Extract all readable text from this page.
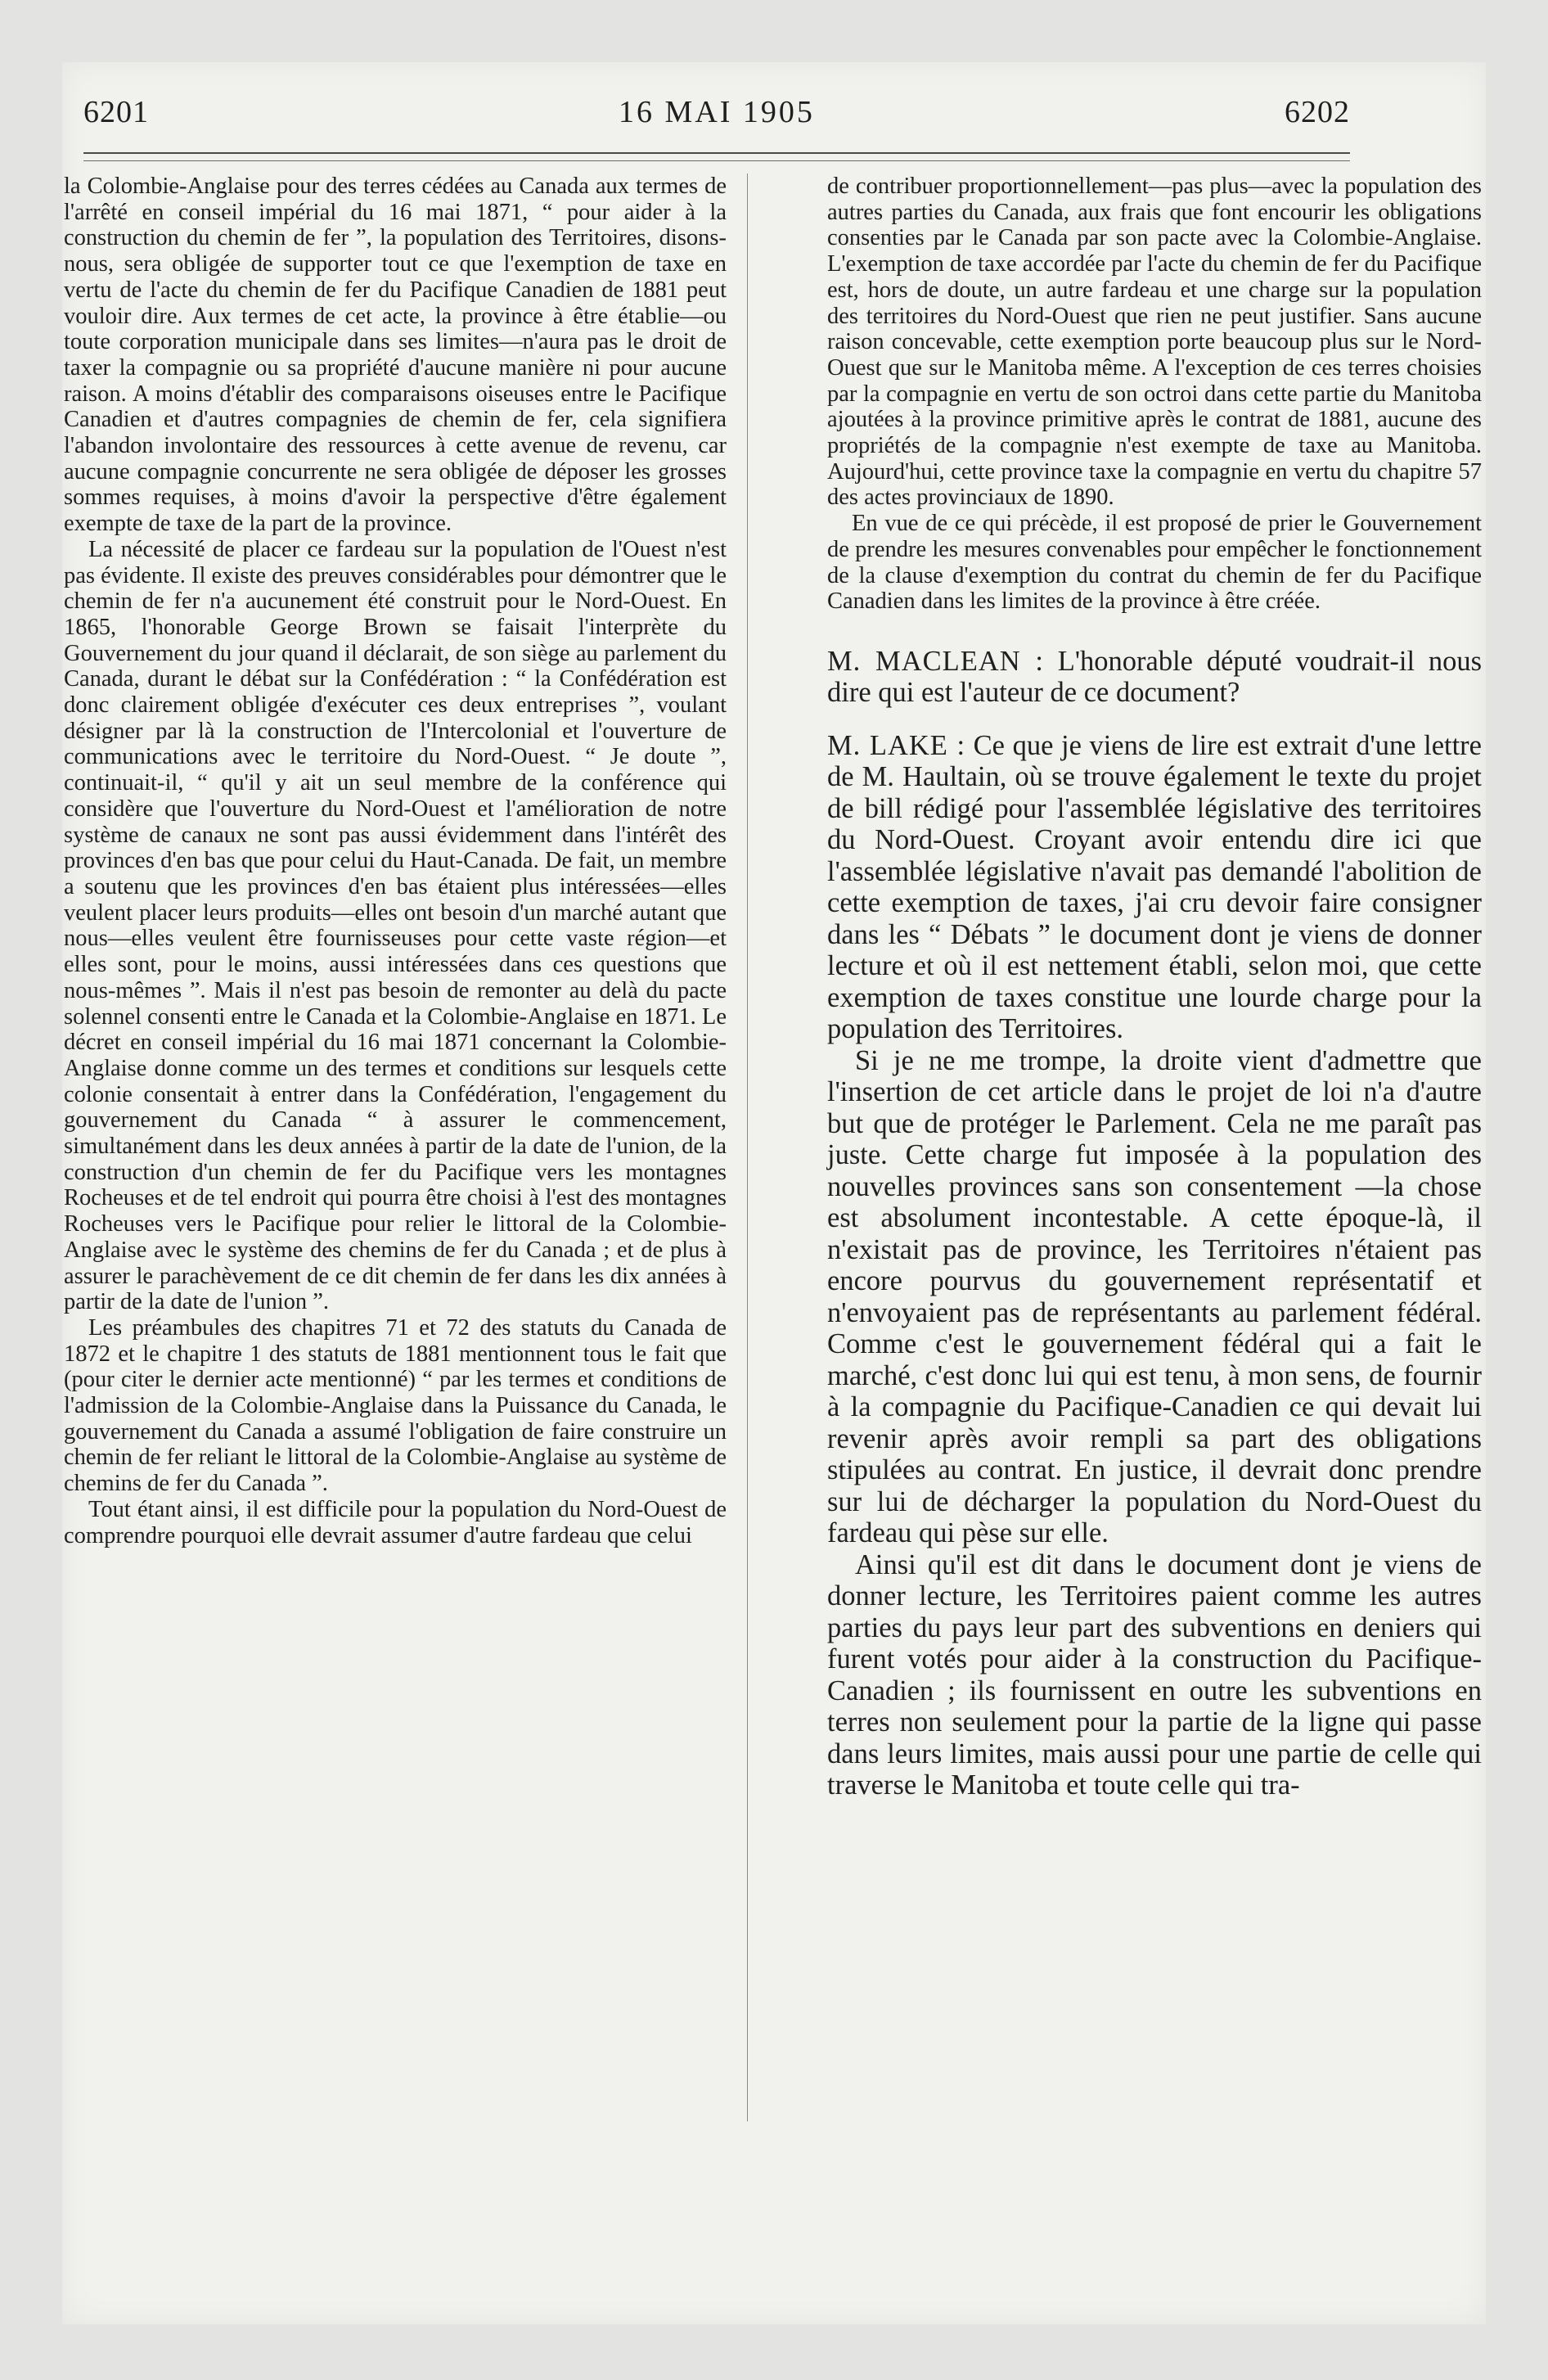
6201	16 MAI 1905	6202

la Colombie-Anglaise pour des terres cédées au Canada aux termes de l'arrêté en conseil impérial du 16 mai 1871, “ pour aider à la construction du chemin de fer ”, la population des Territoires, disons-nous, sera obligée de supporter tout ce que l'exemption de taxe en vertu de l'acte du chemin de fer du Pacifique Canadien de 1881 peut vouloir dire. Aux termes de cet acte, la province à être établie—ou toute corporation municipale dans ses limites—n'aura pas le droit de taxer la compagnie ou sa propriété d'aucune manière ni pour aucune raison. A moins d'établir des comparaisons oiseuses entre le Pacifique Canadien et d'autres compagnies de chemin de fer, cela signifiera l'abandon involontaire des ressources à cette avenue de revenu, car aucune compagnie concurrente ne sera obligée de déposer les grosses sommes requises, à moins d'avoir la perspective d'être également exempte de taxe de la part de la province.

La nécessité de placer ce fardeau sur la population de l'Ouest n'est pas évidente. Il existe des preuves considérables pour démontrer que le chemin de fer n'a aucunement été construit pour le Nord-Ouest. En 1865, l'honorable George Brown se faisait l'interprète du Gouvernement du jour quand il déclarait, de son siège au parlement du Canada, durant le débat sur la Confédération : “ la Confédération est donc clairement obligée d'exécuter ces deux entreprises ”, voulant désigner par là la construction de l'Intercolonial et l'ouverture de communications avec le territoire du Nord-Ouest. “ Je doute ”, continuait-il, “ qu'il y ait un seul membre de la conférence qui considère que l'ouverture du Nord-Ouest et l'amélioration de notre système de canaux ne sont pas aussi évidemment dans l'intérêt des provinces d'en bas que pour celui du Haut-Canada. De fait, un membre a soutenu que les provinces d'en bas étaient plus intéressées—elles veulent placer leurs produits—elles ont besoin d'un marché autant que nous—elles veulent être fournisseuses pour cette vaste région—et elles sont, pour le moins, aussi intéressées dans ces questions que nous-mêmes ”. Mais il n'est pas besoin de remonter au delà du pacte solennel consenti entre le Canada et la Colombie-Anglaise en 1871. Le décret en conseil impérial du 16 mai 1871 concernant la Colombie-Anglaise donne comme un des termes et conditions sur lesquels cette colonie consentait à entrer dans la Confédération, l'engagement du gouvernement du Canada “ à assurer le commencement, simultanément dans les deux années à partir de la date de l'union, de la construction d'un chemin de fer du Pacifique vers les montagnes Rocheuses et de tel endroit qui pourra être choisi à l'est des montagnes Rocheuses vers le Pacifique pour relier le littoral de la Colombie-Anglaise avec le système des chemins de fer du Canada ; et de plus à assurer le parachèvement de ce dit chemin de fer dans les dix années à partir de la date de l'union ”.

Les préambules des chapitres 71 et 72 des statuts du Canada de 1872 et le chapitre 1 des statuts de 1881 mentionnent tous le fait que (pour citer le dernier acte mentionné) “ par les termes et conditions de l'admission de la Colombie-Anglaise dans la Puissance du Canada, le gouvernement du Canada a assumé l'obligation de faire construire un chemin de fer reliant le littoral de la Colombie-Anglaise au système de chemins de fer du Canada ”.

Tout étant ainsi, il est difficile pour la population du Nord-Ouest de comprendre pourquoi elle devrait assumer d'autre fardeau que celui

de contribuer proportionnellement—pas plus—avec la population des autres parties du Canada, aux frais que font encourir les obligations consenties par le Canada par son pacte avec la Colombie-Anglaise. L'exemption de taxe accordée par l'acte du chemin de fer du Pacifique est, hors de doute, un autre fardeau et une charge sur la population des territoires du Nord-Ouest que rien ne peut justifier. Sans aucune raison concevable, cette exemption porte beaucoup plus sur le Nord-Ouest que sur le Manitoba même. A l'exception de ces terres choisies par la compagnie en vertu de son octroi dans cette partie du Manitoba ajoutées à la province primitive après le contrat de 1881, aucune des propriétés de la compagnie n'est exempte de taxe au Manitoba. Aujourd'hui, cette province taxe la compagnie en vertu du chapitre 57 des actes provinciaux de 1890.

En vue de ce qui précède, il est proposé de prier le Gouvernement de prendre les mesures convenables pour empêcher le fonctionnement de la clause d'exemption du contrat du chemin de fer du Pacifique Canadien dans les limites de la province à être créée.

M. MACLEAN : L'honorable député voudrait-il nous dire qui est l'auteur de ce document?

M. LAKE : Ce que je viens de lire est extrait d'une lettre de M. Haultain, où se trouve également le texte du projet de bill rédigé pour l'assemblée législative des territoires du Nord-Ouest. Croyant avoir entendu dire ici que l'assemblée législative n'avait pas demandé l'abolition de cette exemption de taxes, j'ai cru devoir faire consigner dans les “ Débats ” le document dont je viens de donner lecture et où il est nettement établi, selon moi, que cette exemption de taxes constitue une lourde charge pour la population des Territoires.

Si je ne me trompe, la droite vient d'admettre que l'insertion de cet article dans le projet de loi n'a d'autre but que de protéger le Parlement. Cela ne me paraît pas juste. Cette charge fut imposée à la population des nouvelles provinces sans son consentement —la chose est absolument incontestable. A cette époque-là, il n'existait pas de province, les Territoires n'étaient pas encore pourvus du gouvernement représentatif et n'envoyaient pas de représentants au parlement fédéral. Comme c'est le gouvernement fédéral qui a fait le marché, c'est donc lui qui est tenu, à mon sens, de fournir à la compagnie du Pacifique-Canadien ce qui devait lui revenir après avoir rempli sa part des obligations stipulées au contrat. En justice, il devrait donc prendre sur lui de décharger la population du Nord-Ouest du fardeau qui pèse sur elle.

Ainsi qu'il est dit dans le document dont je viens de donner lecture, les Territoires paient comme les autres parties du pays leur part des subventions en deniers qui furent votés pour aider à la construction du Pacifique-Canadien ; ils fournissent en outre les subventions en terres non seulement pour la partie de la ligne qui passe dans leurs limites, mais aussi pour une partie de celle qui traverse le Manitoba et toute celle qui tra-
